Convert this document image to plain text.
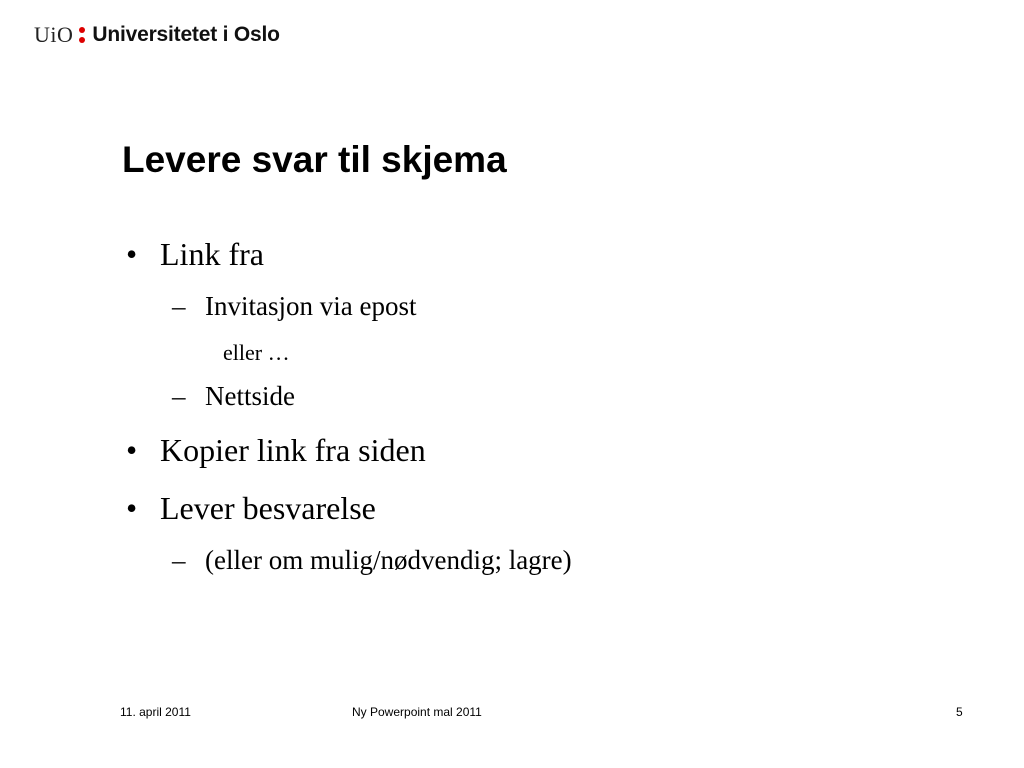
UiO Universitetet i Oslo
Levere svar til skjema
• Link fra
– Invitasjon via epost
eller …
– Nettside
• Kopier link fra siden
• Lever besvarelse
– (eller om mulig/nødvendig; lagre)
11. april 2011	Ny Powerpoint mal 2011	5
